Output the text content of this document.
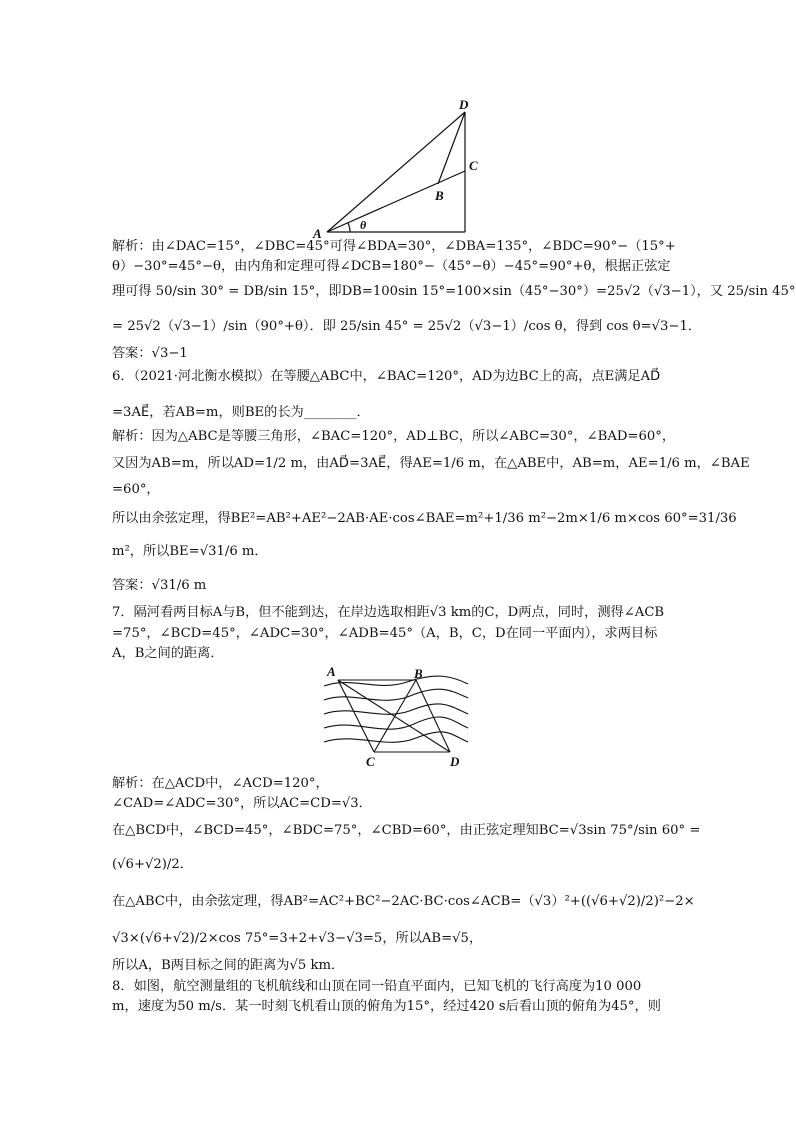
D
C
B
A
θ
解析：由∠DAC=15°，∠DBC=45°可得∠BDA=30°，∠DBA=135°，∠BDC=90°−（15°+
θ）−30°=45°−θ，由内角和定理可得∠DCB=180°−（45°−θ）−45°=90°+θ，根据正弦定
理可得 50/sin 30° = DB/sin 15°，即DB=100sin 15°=100×sin（45°−30°）=25√2（√3−1），又 25/sin 45°
= 25√2（√3−1）/sin（90°+θ）．即 25/sin 45° = 25√2（√3−1）/cos θ，得到 cos θ=√3−1．
答案：√3−1
6．（2021·河北衡水模拟）在等腰△ABC中，∠BAC=120°，AD为边BC上的高，点E满足AD⃗
=3AE⃗，若AB=m，则BE的长为________．
解析：因为△ABC是等腰三角形，∠BAC=120°，AD⊥BC，所以∠ABC=30°，∠BAD=60°，
又因为AB=m，所以AD=1/2 m，由AD⃗=3AE⃗，得AE=1/6 m，在△ABE中，AB=m，AE=1/6 m，∠BAE
=60°，
所以由余弦定理，得BE²=AB²+AE²−2AB·AE·cos∠BAE=m²+1/36 m²−2m×1/6 m×cos 60°=31/36
m²，所以BE=√31/6 m．
答案：√31/6 m
7．隔河看两目标A与B，但不能到达，在岸边选取相距√3 km的C，D两点，同时，测得∠ACB
=75°，∠BCD=45°，∠ADC=30°，∠ADB=45°（A，B，C，D在同一平面内），求两目标
A，B之间的距离．
A	B
C	D
解析：在△ACD中，∠ACD=120°，
∠CAD=∠ADC=30°，所以AC=CD=√3．
在△BCD中，∠BCD=45°，∠BDC=75°，∠CBD=60°，由正弦定理知BC=√3sin 75°/sin 60° =
(√6+√2)/2．
在△ABC中，由余弦定理，得AB²=AC²+BC²−2AC·BC·cos∠ACB=（√3）²+((√6+√2)/2)²−2×
√3×(√6+√2)/2×cos 75°=3+2+√3−√3=5，所以AB=√5，
所以A，B两目标之间的距离为√5 km．
8．如图，航空测量组的飞机航线和山顶在同一铅直平面内，已知飞机的飞行高度为10 000
m，速度为50 m/s．某一时刻飞机看山顶的俯角为15°，经过420 s后看山顶的俯角为45°，则
